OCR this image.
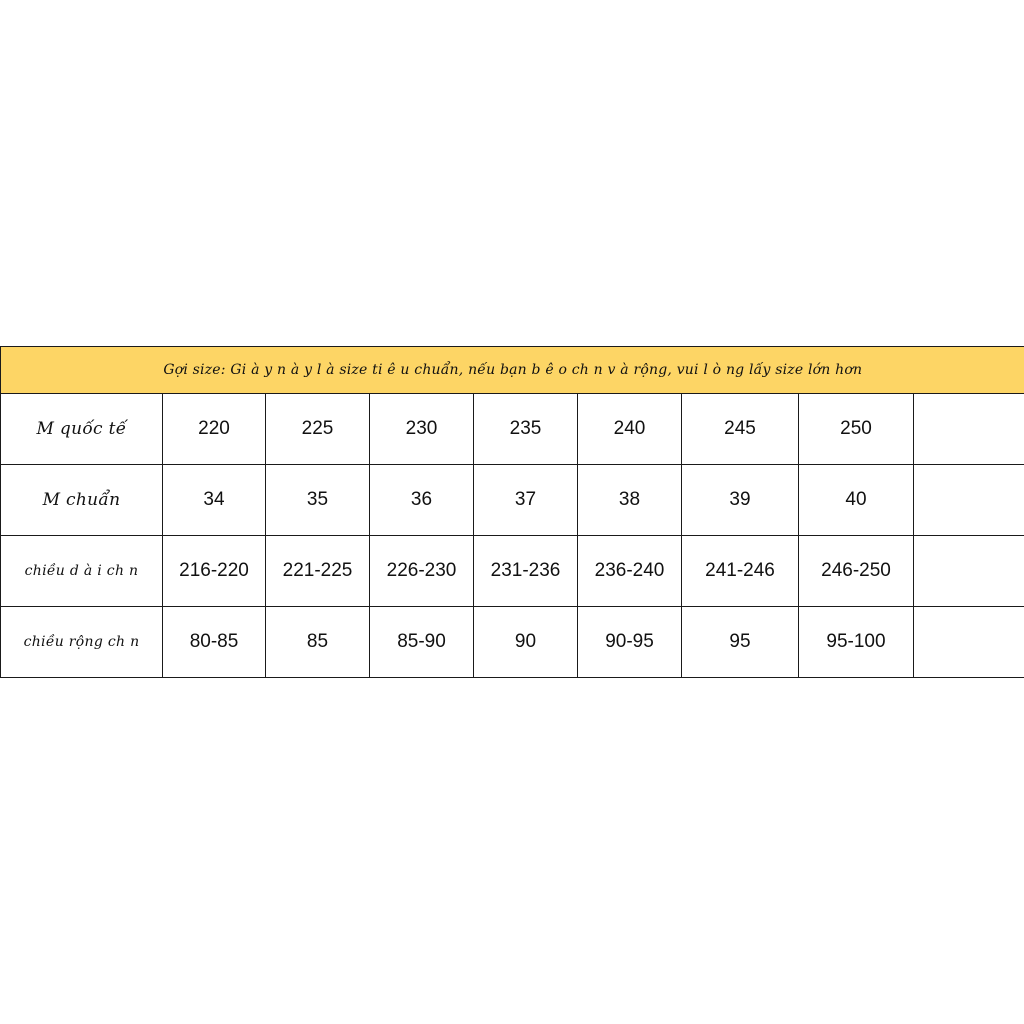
Gợi size: Gi à y n à y l à size ti ê u chuẩn, nếu bạn b ê o ch n v à rộng, vui l ò ng lấy size lớn hơn								
M quốc tế	220	225	230	235	240	245	250	
M chuẩn	34	35	36	37	38	39	40	
chiều d à i ch n	216-220	221-225	226-230	231-236	236-240	241-246	246-250	
chiều rộng ch n	80-85	85	85-90	90	90-95	95	95-100	
